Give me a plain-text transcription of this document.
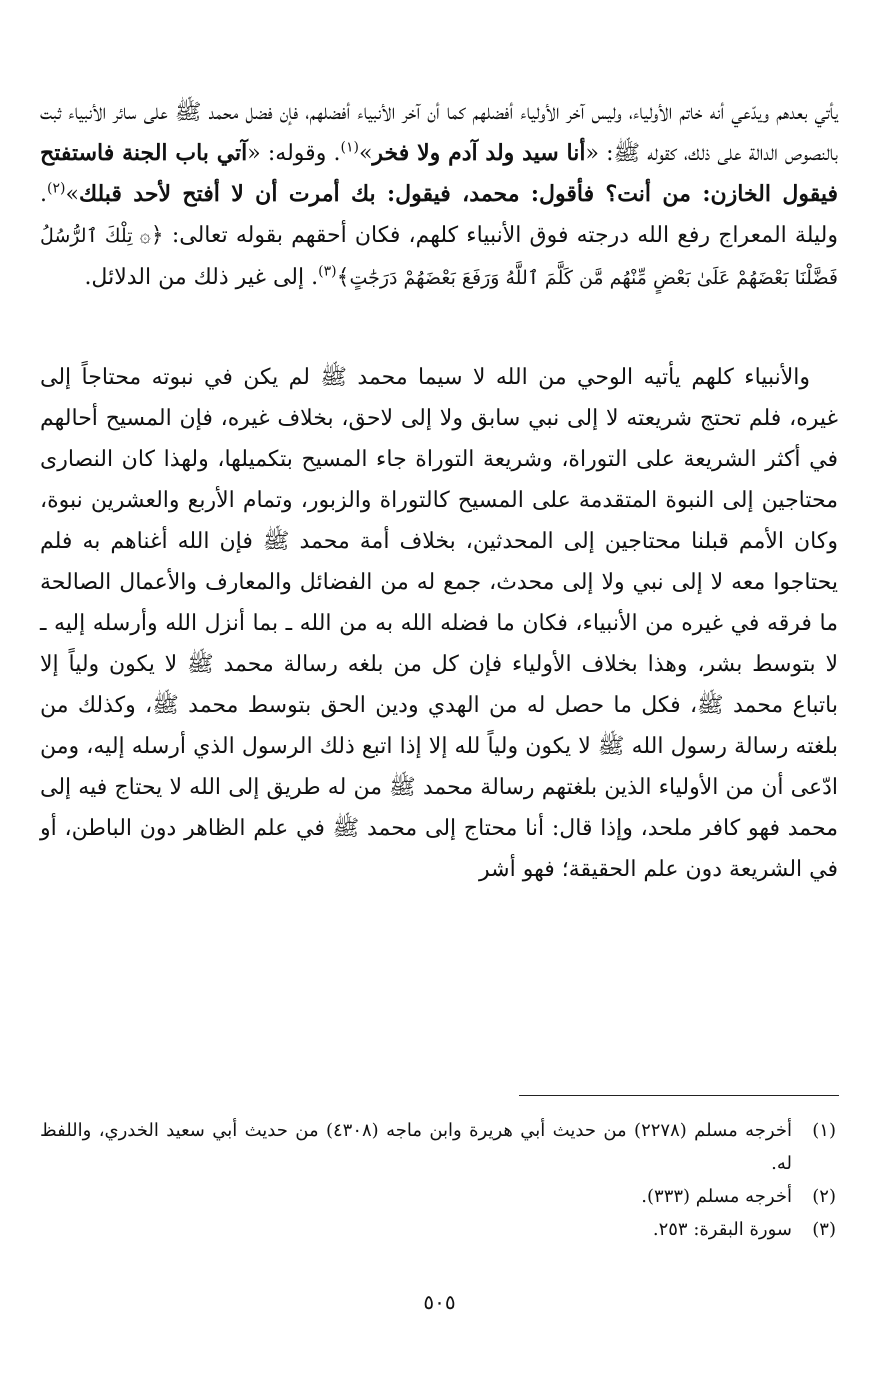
يأتي بعدهم ويدّعي أنه خاتم الأولياء، وليس آخر الأولياء أفضلهم كما أن آخر الأنبياء أفضلهم، فإن فضل محمد ﷺ على سائر الأنبياء ثبت بالنصوص الدالة على ذلك، كقوله ﷺ: «أنا سيد ولد آدم ولا فخر»$^{(١)}$. وقوله: «آتي باب الجنة فاستفتح فيقول الخازن: من أنت؟ فأقول: محمد، فيقول: بك أمرت أن لا أفتح لأحد قبلك»$^{(٢)}$. وليلة المعراج رفع الله درجته فوق الأنبياء كلهم، فكان أحقهم بقوله تعالى: ﴿۞ تِلْكَ ٱلرُّسُلُ فَضَّلْنَا بَعْضَهُمْ عَلَىٰ بَعْضٍ مِّنْهُم مَّن كَلَّمَ ٱللَّهُ وَرَفَعَ بَعْضَهُمْ دَرَجَٰتٍ﴾$^{(٣)}$. إلى غير ذلك من الدلائل.

والأنبياء كلهم يأتيه الوحي من الله لا سيما محمد ﷺ لم يكن في نبوته محتاجاً إلى غيره، فلم تحتج شريعته لا إلى نبي سابق ولا إلى لاحق، بخلاف غيره، فإن المسيح أحالهم في أكثر الشريعة على التوراة، وشريعة التوراة جاء المسيح بتكميلها، ولهذا كان النصارى محتاجين إلى النبوة المتقدمة على المسيح كالتوراة والزبور، وتمام الأربع والعشرين نبوة، وكان الأمم قبلنا محتاجين إلى المحدثين، بخلاف أمة محمد ﷺ فإن الله أغناهم به فلم يحتاجوا معه لا إلى نبي ولا إلى محدث، جمع له من الفضائل والمعارف والأعمال الصالحة ما فرقه في غيره من الأنبياء، فكان ما فضله الله به من الله ـ بما أنزل الله وأرسله إليه ـ لا بتوسط بشر، وهذا بخلاف الأولياء فإن كل من بلغه رسالة محمد ﷺ لا يكون ولياً إلا باتباع محمد ﷺ، فكل ما حصل له من الهدي ودين الحق بتوسط محمد ﷺ، وكذلك من بلغته رسالة رسول الله ﷺ لا يكون ولياً لله إلا إذا اتبع ذلك الرسول الذي أرسله إليه، ومن ادّعى أن من الأولياء الذين بلغتهم رسالة محمد ﷺ من له طريق إلى الله لا يحتاج فيه إلى محمد فهو كافر ملحد، وإذا قال: أنا محتاج إلى محمد ﷺ في علم الظاهر دون الباطن، أو في الشريعة دون علم الحقيقة؛ فهو أشر

(١)
أخرجه مسلم (٢٢٧٨) من حديث أبي هريرة وابن ماجه (٤٣٠٨) من حديث أبي سعيد الخدري، واللفظ له.

(٢)
أخرجه مسلم (٣٣٣).

(٣)
سورة البقرة: ٢٥٣.

٥٠٥
